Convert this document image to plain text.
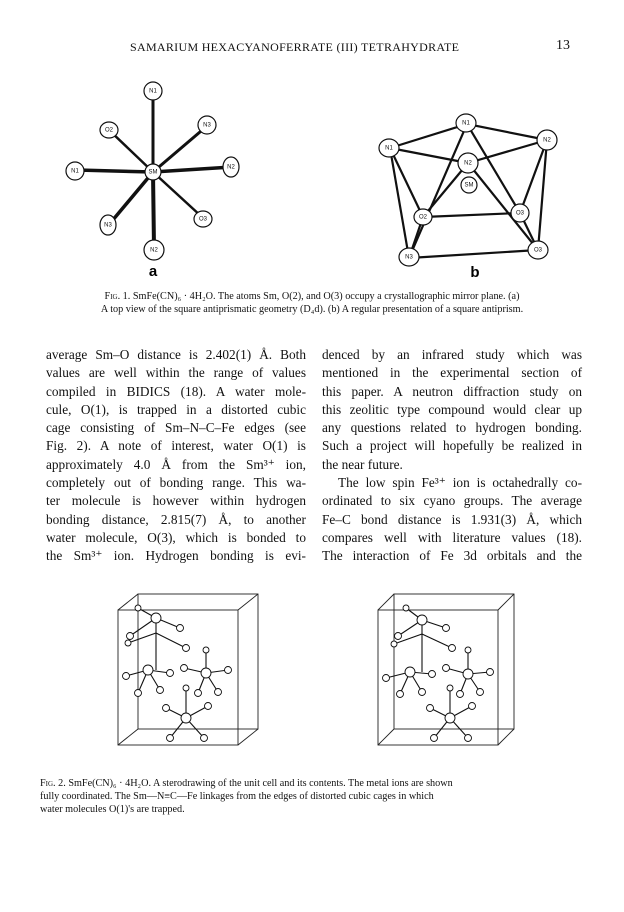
SAMARIUM HEXACYANOFERRATE (III) TETRAHYDRATE	13
N1
O2
N3
N1	SM
N2
N3
O3
N2
a
N1
N1
N2
N2
SM
O2
O3
N3
O3
b
Fig. 1. SmFe(CN)₆ · 4H₂O. The atoms Sm, O(2), and O(3) occupy a crystallographic mirror plane. (a)
A top view of the square antiprismatic geometry (D₄d). (b) A regular presentation of a square antiprism.
average Sm–O distance is 2.402(1) Å. Both
values are well within the range of values
compiled in BIDICS (18). A water mole-
cule, O(1), is trapped in a distorted cubic
cage consisting of Sm–N–C–Fe edges (see
Fig. 2). A note of interest, water O(1) is
approximately 4.0 Å from the Sm³⁺ ion,
completely out of bonding range. This wa-
ter molecule is however within hydrogen
bonding distance, 2.815(7) Å, to another
water molecule, O(3), which is bonded to
the Sm³⁺ ion. Hydrogen bonding is evi-
denced by an infrared study which was
mentioned in the experimental section of
this paper. A neutron diffraction study on
this zeolitic type compound would clear up
any questions related to hydrogen bonding.
Such a project will hopefully be realized in
the near future.
The low spin Fe³⁺ ion is octahedrally co-
ordinated to six cyano groups. The average
Fe–C bond distance is 1.931(3) Å, which
compares well with literature values (18).
The interaction of Fe 3d orbitals and the
Fig. 2. SmFe(CN)₆ · 4H₂O. A sterodrawing of the unit cell and its contents. The metal ions are shown
fully coordinated. The Sm—N≡C—Fe linkages from the edges of distorted cubic cages in which
water molecules O(1)'s are trapped.
